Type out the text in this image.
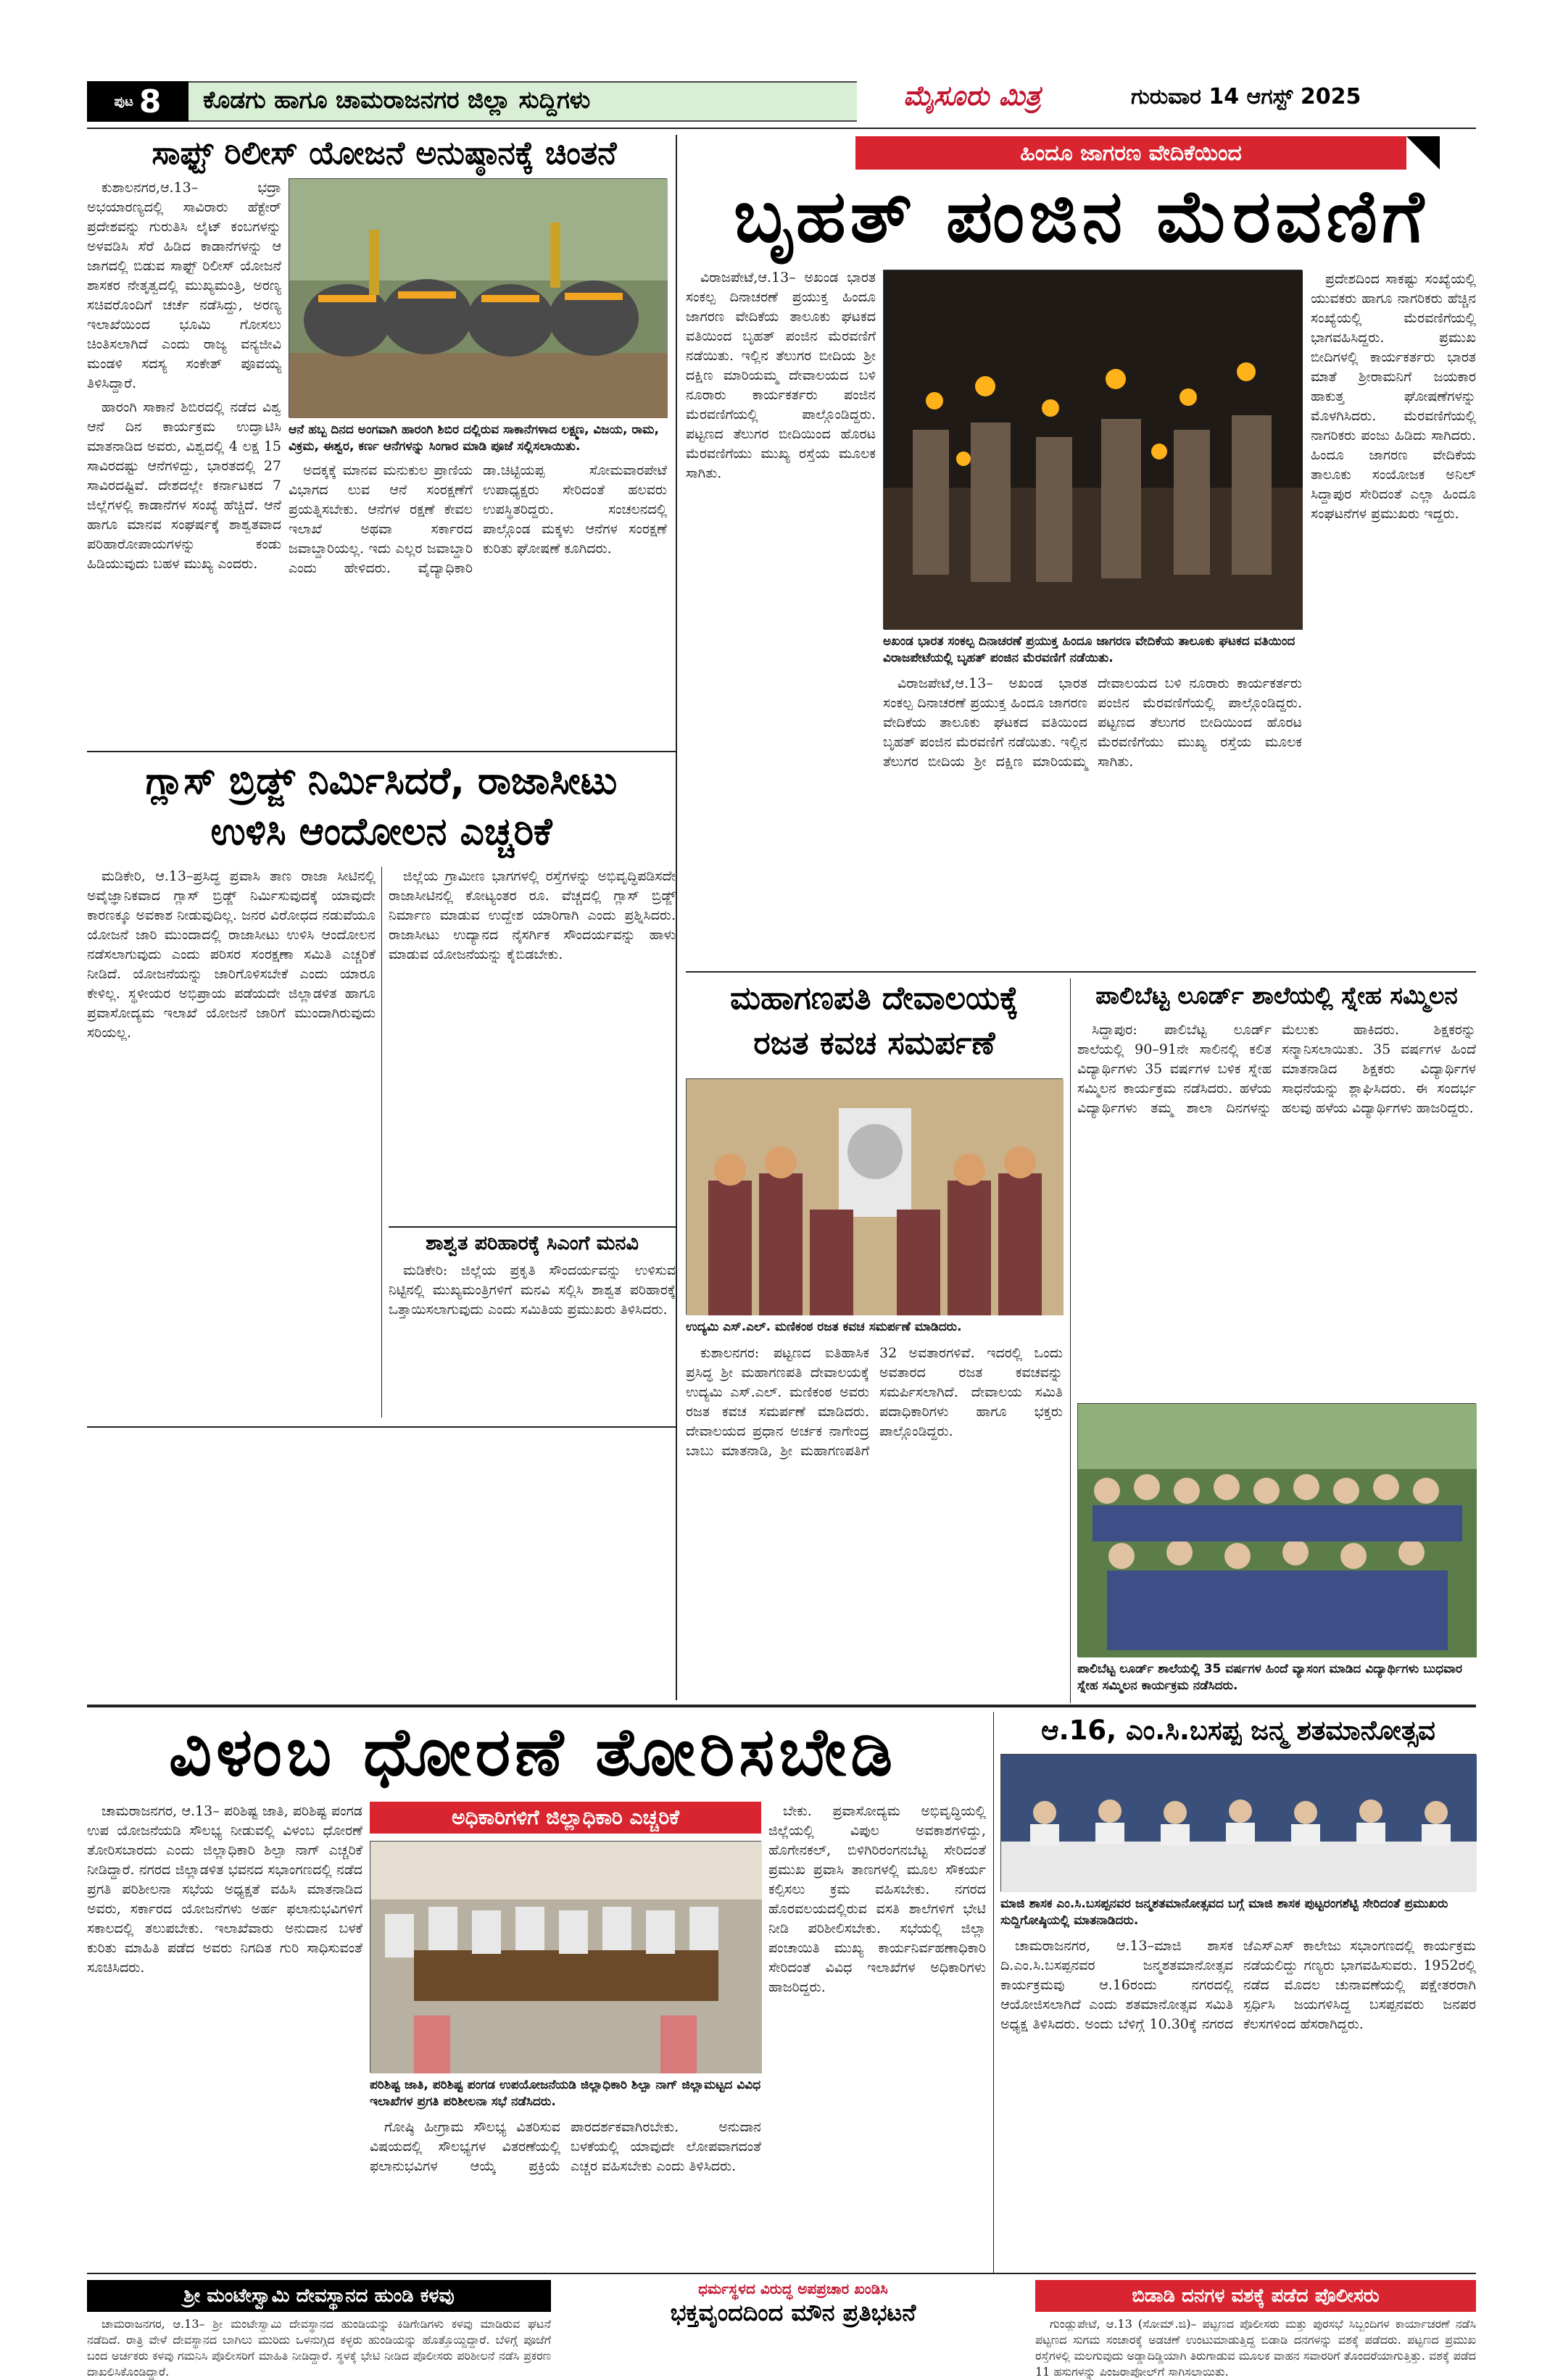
ಪುಟ 8 ಕೊಡಗು ಹಾಗೂ ಚಾಮರಾಜನಗರ ಜಿಲ್ಲಾ ಸುದ್ದಿಗಳು	ಮೈಸೂರು ಮಿತ್ರ	ಗುರುವಾರ 14 ಆಗಸ್ಟ್ 2025
ಸಾಫ್ಟ್ ರಿಲೀಸ್ ಯೋಜನೆ ಅನುಷ್ಠಾನಕ್ಕೆ ಚಿಂತನೆ

ಕುಶಾಲನಗರ,ಆ.13– ಭದ್ರಾ ಅಭಯಾರಣ್ಯದಲ್ಲಿ ಸಾವಿರಾರು ಹೆಕ್ಟೇರ್ ಪ್ರದೇಶವನ್ನು ಗುರುತಿಸಿ ಲೈಟ್ ಕಂಬಗಳನ್ನು ಅಳವಡಿಸಿ ಸೆರೆ ಹಿಡಿದ ಕಾಡಾನೆಗಳನ್ನು ಆ ಜಾಗದಲ್ಲಿ ಬಿಡುವ ಸಾಫ್ಟ್ ರಿಲೀಸ್ ಯೋಜನೆ ಶಾಸಕರ ನೇತೃತ್ವದಲ್ಲಿ ಮುಖ್ಯಮಂತ್ರಿ, ಅರಣ್ಯ ಸಚಿವರೊಂದಿಗೆ ಚರ್ಚೆ ನಡೆಸಿದ್ದು, ಅರಣ್ಯ ಇಲಾಖೆಯಿಂದ ಭೂಮಿ ಗೋಸಲು ಚಿಂತಿಸಲಾಗಿದೆ ಎಂದು ರಾಜ್ಯ ವನ್ಯಜೀವಿ ಮಂಡಳಿ ಸದಸ್ಯ ಸಂಕೇತ್ ಪೂವಯ್ಯ ತಿಳಿಸಿದ್ದಾರೆ.

ಹಾರಂಗಿ ಸಾಕಾನೆ ಶಿಬಿರದಲ್ಲಿ ನಡೆದ ವಿಶ್ವ ಆನೆ ದಿನ ಕಾರ್ಯಕ್ರಮ ಉದ್ಘಾಟಿಸಿ ಮಾತನಾಡಿದ ಅವರು, ವಿಶ್ವದಲ್ಲಿ 4 ಲಕ್ಷ 15 ಸಾವಿರದಷ್ಟು ಆನೆಗಳಿದ್ದು, ಭಾರತದಲ್ಲಿ 27 ಸಾವಿರದಷ್ಟಿವೆ. ದೇಶದಲ್ಲೇ ಕರ್ನಾಟಕದ 7 ಜಿಲ್ಲೆಗಳಲ್ಲಿ ಕಾಡಾನೆಗಳ ಸಂಖ್ಯೆ ಹೆಚ್ಚಿದೆ. ಆನೆ ಹಾಗೂ ಮಾನವ ಸಂಘರ್ಷಕ್ಕೆ ಶಾಶ್ವತವಾದ ಪರಿಹಾರೋಪಾಯಗಳನ್ನು ಕಂಡು ಹಿಡಿಯುವುದು ಬಹಳ ಮುಖ್ಯ ಎಂದರು.

ಆನೆ ಹಬ್ಬ ದಿನದ ಅಂಗವಾಗಿ ಹಾರಂಗಿ ಶಿಬಿರ ದಲ್ಲಿರುವ ಸಾಕಾನೆಗಳಾದ ಲಕ್ಷ್ಮಣ, ವಿಜಯ, ರಾಮ, ವಿಕ್ರಮ, ಈಶ್ವರ, ಕರ್ಣ ಆನೆಗಳನ್ನು ಸಿಂಗಾರ ಮಾಡಿ ಪೂಜೆ ಸಲ್ಲಿಸಲಾಯಿತು.

ಅದಕ್ಕಕ್ಕೆ ಮಾನವ ಮನುಕುಲ ಪ್ರಾಣಿಯ ವಿಭಾಗದ ಲುವ ಆನೆ ಸಂರಕ್ಷಣೆಗೆ ಪ್ರಯತ್ನಿಸಬೇಕು. ಆನೆಗಳ ರಕ್ಷಣೆ ಕೇವಲ ಇಲಾಖೆ ಅಥವಾ ಸರ್ಕಾರದ ಜವಾಬ್ದಾರಿಯಲ್ಲ. ಇದು ಎಲ್ಲರ ಜವಾಬ್ದಾರಿ ಎಂದು ಹೇಳಿದರು. ವೈದ್ಯಾಧಿಕಾರಿ ಡಾ.ಚಿಟ್ಟಿಯಪ್ಪ ಸೋಮವಾರಪೇಟೆ ಉಪಾಧ್ಯಕ್ಷರು ಸೇರಿದಂತೆ ಹಲವರು ಉಪಸ್ಥಿತರಿದ್ದರು. ಸಂಚಲನದಲ್ಲಿ ಪಾಲ್ಗೊಂಡ ಮಕ್ಕಳು ಆನೆಗಳ ಸಂರಕ್ಷಣೆ ಕುರಿತು ಘೋಷಣೆ ಕೂಗಿದರು.

ಹಿಂದೂ ಜಾಗರಣ ವೇದಿಕೆಯಿಂದ
ಬೃಹತ್ ಪಂಜಿನ ಮೆರವಣಿಗೆ

ವಿರಾಜಪೇಟೆ,ಆ.13– ಅಖಂಡ ಭಾರತ ಸಂಕಲ್ಪ ದಿನಾಚರಣೆ ಪ್ರಯುಕ್ತ ಹಿಂದೂ ಜಾಗರಣ ವೇದಿಕೆಯ ತಾಲೂಕು ಘಟಕದ ವತಿಯಿಂದ ಬೃಹತ್ ಪಂಜಿನ ಮೆರವಣಿಗೆ ನಡೆಯಿತು. ಇಲ್ಲಿನ ತೆಲುಗರ ಬೀದಿಯ ಶ್ರೀ ದಕ್ಷಿಣ ಮಾರಿಯಮ್ಮ ದೇವಾಲಯದ ಬಳಿ ನೂರಾರು ಕಾರ್ಯಕರ್ತರು ಪಂಜಿನ ಮೆರವಣಿಗೆಯಲ್ಲಿ ಪಾಲ್ಗೊಂಡಿದ್ದರು. ಪಟ್ಟಣದ ತೆಲುಗರ ಬೀದಿಯಿಂದ ಹೊರಟ ಮೆರವಣಿಗೆಯು ಮುಖ್ಯ ರಸ್ತೆಯ ಮೂಲಕ ಸಾಗಿತು.

ಅಖಂಡ ಭಾರತ ಸಂಕಲ್ಪ ದಿನಾಚರಣೆ ಪ್ರಯುಕ್ತ ಹಿಂದೂ ಜಾಗರಣ ವೇದಿಕೆಯ ತಾಲೂಕು ಘಟಕದ ವತಿಯಿಂದ ವಿರಾಜಪೇಟೆಯಲ್ಲಿ ಬೃಹತ್ ಪಂಜಿನ ಮೆರವಣಿಗೆ ನಡೆಯಿತು.

ವಿರಾಜಪೇಟೆ,ಆ.13– ಅಖಂಡ ಭಾರತ ಸಂಕಲ್ಪ ದಿನಾಚರಣೆ ಪ್ರಯುಕ್ತ ಹಿಂದೂ ಜಾಗರಣ ವೇದಿಕೆಯ ತಾಲೂಕು ಘಟಕದ ವತಿಯಿಂದ ಬೃಹತ್ ಪಂಜಿನ ಮೆರವಣಿಗೆ ನಡೆಯಿತು. ಇಲ್ಲಿನ ತೆಲುಗರ ಬೀದಿಯ ಶ್ರೀ ದಕ್ಷಿಣ ಮಾರಿಯಮ್ಮ ದೇವಾಲಯದ ಬಳಿ ನೂರಾರು ಕಾರ್ಯಕರ್ತರು ಪಂಜಿನ ಮೆರವಣಿಗೆಯಲ್ಲಿ ಪಾಲ್ಗೊಂಡಿದ್ದರು. ಪಟ್ಟಣದ ತೆಲುಗರ ಬೀದಿಯಿಂದ ಹೊರಟ ಮೆರವಣಿಗೆಯು ಮುಖ್ಯ ರಸ್ತೆಯ ಮೂಲಕ ಸಾಗಿತು.

ಪ್ರದೇಶದಿಂದ ಸಾಕಷ್ಟು ಸಂಖ್ಯೆಯಲ್ಲಿ ಯುವಕರು ಹಾಗೂ ನಾಗರಿಕರು ಹೆಚ್ಚಿನ ಸಂಖ್ಯೆಯಲ್ಲಿ ಮೆರವಣಿಗೆಯಲ್ಲಿ ಭಾಗವಹಿಸಿದ್ದರು. ಪ್ರಮುಖ ಬೀದಿಗಳಲ್ಲಿ ಕಾರ್ಯಕರ್ತರು ಭಾರತ ಮಾತೆ ಶ್ರೀರಾಮನಿಗೆ ಜಯಕಾರ ಹಾಕುತ್ತ ಘೋಷಣೆಗಳನ್ನು ಮೊಳಗಿಸಿದರು. ಮೆರವಣಿಗೆಯಲ್ಲಿ ನಾಗರಿಕರು ಪಂಜು ಹಿಡಿದು ಸಾಗಿದರು. ಹಿಂದೂ ಜಾಗರಣ ವೇದಿಕೆಯ ತಾಲೂಕು ಸಂಯೋಜಕ ಅನಿಲ್ ಸಿದ್ದಾಪುರ ಸೇರಿದಂತೆ ಎಲ್ಲಾ ಹಿಂದೂ ಸಂಘಟನೆಗಳ ಪ್ರಮುಖರು ಇದ್ದರು.

ಗ್ಲಾಸ್ ಬ್ರಿಡ್ಜ್ ನಿರ್ಮಿಸಿದರೆ, ರಾಜಾಸೀಟು
ಉಳಿಸಿ ಆಂದೋಲನ ಎಚ್ಚರಿಕೆ

ಮಡಿಕೇರಿ, ಆ.13–ಪ್ರಸಿದ್ಧ ಪ್ರವಾಸಿ ತಾಣ ರಾಜಾ ಸೀಟಿನಲ್ಲಿ ಅವೈಜ್ಞಾನಿಕವಾದ ಗ್ಲಾಸ್ ಬ್ರಿಡ್ಜ್ ನಿರ್ಮಿಸುವುದಕ್ಕೆ ಯಾವುದೇ ಕಾರಣಕ್ಕೂ ಅವಕಾಶ ನೀಡುವುದಿಲ್ಲ. ಜನರ ವಿರೋಧದ ನಡುವೆಯೂ ಯೋಜನೆ ಜಾರಿ ಮುಂದಾದಲ್ಲಿ ರಾಜಾಸೀಟು ಉಳಿಸಿ ಆಂದೋಲನ ನಡೆಸಲಾಗುವುದು ಎಂದು ಪರಿಸರ ಸಂರಕ್ಷಣಾ ಸಮಿತಿ ಎಚ್ಚರಿಕೆ ನೀಡಿದೆ. ಯೋಜನೆಯನ್ನು ಜಾರಿಗೊಳಿಸಬೇಕೆ ಎಂದು ಯಾರೂ ಕೇಳಿಲ್ಲ. ಸ್ಥಳೀಯರ ಅಭಿಪ್ರಾಯ ಪಡೆಯದೇ ಜಿಲ್ಲಾಡಳಿತ ಹಾಗೂ ಪ್ರವಾಸೋದ್ಯಮ ಇಲಾಖೆ ಯೋಜನೆ ಜಾರಿಗೆ ಮುಂದಾಗಿರುವುದು ಸರಿಯಲ್ಲ.

ಜಿಲ್ಲೆಯ ಗ್ರಾಮೀಣ ಭಾಗಗಳಲ್ಲಿ ರಸ್ತೆಗಳನ್ನು ಅಭಿವೃದ್ಧಿಪಡಿಸದೇ ರಾಜಾಸೀಟಿನಲ್ಲಿ ಕೋಟ್ಯಂತರ ರೂ. ವೆಚ್ಚದಲ್ಲಿ ಗ್ಲಾಸ್ ಬ್ರಿಡ್ಜ್ ನಿರ್ಮಾಣ ಮಾಡುವ ಉದ್ದೇಶ ಯಾರಿಗಾಗಿ ಎಂದು ಪ್ರಶ್ನಿಸಿದರು. ರಾಜಾಸೀಟು ಉದ್ಯಾನದ ನೈಸರ್ಗಿಕ ಸೌಂದರ್ಯವನ್ನು ಹಾಳು ಮಾಡುವ ಯೋಜನೆಯನ್ನು ಕೈಬಿಡಬೇಕು.

ಶಾಶ್ವತ ಪರಿಹಾರಕ್ಕೆ ಸಿಎಂಗೆ ಮನವಿ

ಮಡಿಕೇರಿ: ಜಿಲ್ಲೆಯ ಪ್ರಕೃತಿ ಸೌಂದರ್ಯವನ್ನು ಉಳಿಸುವ ನಿಟ್ಟಿನಲ್ಲಿ ಮುಖ್ಯಮಂತ್ರಿಗಳಿಗೆ ಮನವಿ ಸಲ್ಲಿಸಿ ಶಾಶ್ವತ ಪರಿಹಾರಕ್ಕೆ ಒತ್ತಾಯಿಸಲಾಗುವುದು ಎಂದು ಸಮಿತಿಯ ಪ್ರಮುಖರು ತಿಳಿಸಿದರು.

ಮಹಾಗಣಪತಿ ದೇವಾಲಯಕ್ಕೆ
ರಜತ ಕವಚ ಸಮರ್ಪಣೆ
ಉದ್ಯಮಿ ಎಸ್.ಎಲ್. ಮಣಿಕಂಠ ರಜತ ಕವಚ ಸಮರ್ಪಣೆ ಮಾಡಿದರು.

ಕುಶಾಲನಗರ: ಪಟ್ಟಣದ ಐತಿಹಾಸಿಕ ಪ್ರಸಿದ್ಧ ಶ್ರೀ ಮಹಾಗಣಪತಿ ದೇವಾಲಯಕ್ಕೆ ಉದ್ಯಮಿ ಎಸ್.ಎಲ್. ಮಣಿಕಂಠ ಅವರು ರಜತ ಕವಚ ಸಮರ್ಪಣೆ ಮಾಡಿದರು. ದೇವಾಲಯದ ಪ್ರಧಾನ ಅರ್ಚಕ ನಾಗೇಂದ್ರ ಬಾಬು ಮಾತನಾಡಿ, ಶ್ರೀ ಮಹಾಗಣಪತಿಗೆ 32 ಅವತಾರಗಳಿವೆ. ಇದರಲ್ಲಿ ಒಂದು ಅವತಾರದ ರಜತ ಕವಚವನ್ನು ಸಮರ್ಪಿಸಲಾಗಿದೆ. ದೇವಾಲಯ ಸಮಿತಿ ಪದಾಧಿಕಾರಿಗಳು ಹಾಗೂ ಭಕ್ತರು ಪಾಲ್ಗೊಂಡಿದ್ದರು.

ಪಾಲಿಬೆಟ್ಟ ಲೂರ್ಡ್ ಶಾಲೆಯಲ್ಲಿ ಸ್ನೇಹ ಸಮ್ಮಿಲನ

ಸಿದ್ದಾಪುರ: ಪಾಲಿಬೆಟ್ಟ ಲೂರ್ಡ್ ಶಾಲೆಯಲ್ಲಿ 90–91ನೇ ಸಾಲಿನಲ್ಲಿ ಕಲಿತ ವಿದ್ಯಾರ್ಥಿಗಳು 35 ವರ್ಷಗಳ ಬಳಿಕ ಸ್ನೇಹ ಸಮ್ಮಿಲನ ಕಾರ್ಯಕ್ರಮ ನಡೆಸಿದರು. ಹಳೆಯ ವಿದ್ಯಾರ್ಥಿಗಳು ತಮ್ಮ ಶಾಲಾ ದಿನಗಳನ್ನು ಮೆಲುಕು ಹಾಕಿದರು. ಶಿಕ್ಷಕರನ್ನು ಸನ್ಮಾನಿಸಲಾಯಿತು. 35 ವರ್ಷಗಳ ಹಿಂದೆ ಮಾತನಾಡಿದ ಶಿಕ್ಷಕರು ವಿದ್ಯಾರ್ಥಿಗಳ ಸಾಧನೆಯನ್ನು ಶ್ಲಾಘಿಸಿದರು. ಈ ಸಂದರ್ಭ ಹಲವು ಹಳೆಯ ವಿದ್ಯಾರ್ಥಿಗಳು ಹಾಜರಿದ್ದರು.

ಪಾಲಿಬೆಟ್ಟ ಲೂರ್ಡ್ ಶಾಲೆಯಲ್ಲಿ 35 ವರ್ಷಗಳ ಹಿಂದೆ ವ್ಯಾಸಂಗ ಮಾಡಿದ ವಿದ್ಯಾರ್ಥಿಗಳು ಬುಧವಾರ ಸ್ನೇಹ ಸಮ್ಮಿಲನ ಕಾರ್ಯಕ್ರಮ ನಡೆಸಿದರು.
ವಿಳಂಬ ಧೋರಣೆ ತೋರಿಸಬೇಡಿ
ಅಧಿಕಾರಿಗಳಿಗೆ ಜಿಲ್ಲಾಧಿಕಾರಿ ಎಚ್ಚರಿಕೆ

ಚಾಮರಾಜನಗರ, ಆ.13– ಪರಿಶಿಷ್ಟ ಜಾತಿ, ಪರಿಶಿಷ್ಟ ಪಂಗಡ ಉಪ ಯೋಜನೆಯಡಿ ಸೌಲಭ್ಯ ನೀಡುವಲ್ಲಿ ವಿಳಂಬ ಧೋರಣೆ ತೋರಿಸಬಾರದು ಎಂದು ಜಿಲ್ಲಾಧಿಕಾರಿ ಶಿಲ್ಪಾ ನಾಗ್ ಎಚ್ಚರಿಕೆ ನೀಡಿದ್ದಾರೆ. ನಗರದ ಜಿಲ್ಲಾಡಳಿತ ಭವನದ ಸಭಾಂಗಣದಲ್ಲಿ ನಡೆದ ಪ್ರಗತಿ ಪರಿಶೀಲನಾ ಸಭೆಯ ಅಧ್ಯಕ್ಷತೆ ವಹಿಸಿ ಮಾತನಾಡಿದ ಅವರು, ಸರ್ಕಾರದ ಯೋಜನೆಗಳು ಅರ್ಹ ಫಲಾನುಭವಿಗಳಿಗೆ ಸಕಾಲದಲ್ಲಿ ತಲುಪಬೇಕು. ಇಲಾಖೆವಾರು ಅನುದಾನ ಬಳಕೆ ಕುರಿತು ಮಾಹಿತಿ ಪಡೆದ ಅವರು ನಿಗದಿತ ಗುರಿ ಸಾಧಿಸುವಂತೆ ಸೂಚಿಸಿದರು.

ಪರಿಶಿಷ್ಟ ಜಾತಿ, ಪರಿಶಿಷ್ಟ ಪಂಗಡ ಉಪಯೋಜನೆಯಡಿ ಜಿಲ್ಲಾಧಿಕಾರಿ ಶಿಲ್ಪಾ ನಾಗ್ ಜಿಲ್ಲಾಮಟ್ಟದ ವಿವಿಧ ಇಲಾಖೆಗಳ ಪ್ರಗತಿ ಪರಿಶೀಲನಾ ಸಭೆ ನಡೆಸಿದರು.

ಗೋಷ್ಠಿ ಹೀಗ್ರಾಮ ಸೌಲಭ್ಯ ವಿತರಿಸುವ ವಿಷಯದಲ್ಲಿ ಸೌಲಭ್ಯಗಳ ವಿತರಣೆಯಲ್ಲಿ ಫಲಾನುಭವಿಗಳ ಆಯ್ಕೆ ಪ್ರಕ್ರಿಯೆ ಪಾರದರ್ಶಕವಾಗಿರಬೇಕು. ಅನುದಾನ ಬಳಕೆಯಲ್ಲಿ ಯಾವುದೇ ಲೋಪವಾಗದಂತೆ ಎಚ್ಚರ ವಹಿಸಬೇಕು ಎಂದು ತಿಳಿಸಿದರು.

ಬೇಕು. ಪ್ರವಾಸೋದ್ಯಮ ಅಭಿವೃದ್ಧಿಯಲ್ಲಿ ಜಿಲ್ಲೆಯಲ್ಲಿ ವಿಪುಲ ಅವಕಾಶಗಳಿದ್ದು, ಹೊಗೇನಕಲ್, ಬಿಳಿಗಿರಿರಂಗನಬೆಟ್ಟ ಸೇರಿದಂತೆ ಪ್ರಮುಖ ಪ್ರವಾಸಿ ತಾಣಗಳಲ್ಲಿ ಮೂಲ ಸೌಕರ್ಯ ಕಲ್ಪಿಸಲು ಕ್ರಮ ವಹಿಸಬೇಕು. ನಗರದ ಹೊರವಲಯದಲ್ಲಿರುವ ವಸತಿ ಶಾಲೆಗಳಿಗೆ ಭೇಟಿ ನೀಡಿ ಪರಿಶೀಲಿಸಬೇಕು. ಸಭೆಯಲ್ಲಿ ಜಿಲ್ಲಾ ಪಂಚಾಯಿತಿ ಮುಖ್ಯ ಕಾರ್ಯನಿರ್ವಹಣಾಧಿಕಾರಿ ಸೇರಿದಂತೆ ವಿವಿಧ ಇಲಾಖೆಗಳ ಅಧಿಕಾರಿಗಳು ಹಾಜರಿದ್ದರು.

ಆ.16, ಎಂ.ಸಿ.ಬಸಪ್ಪ ಜನ್ಮ ಶತಮಾನೋತ್ಸವ
ಮಾಜಿ ಶಾಸಕ ಎಂ.ಸಿ.ಬಸಪ್ಪನವರ ಜನ್ಮಶತಮಾನೋತ್ಸವದ ಬಗ್ಗೆ ಮಾಜಿ ಶಾಸಕ ಪುಟ್ಟರಂಗಶೆಟ್ಟಿ ಸೇರಿದಂತೆ ಪ್ರಮುಖರು ಸುದ್ದಿಗೋಷ್ಠಿಯಲ್ಲಿ ಮಾತನಾಡಿದರು.

ಚಾಮರಾಜನಗರ, ಆ.13–ಮಾಜಿ ಶಾಸಕ ದಿ.ಎಂ.ಸಿ.ಬಸಪ್ಪನವರ ಜನ್ಮಶತಮಾನೋತ್ಸವ ಕಾರ್ಯಕ್ರಮವು ಆ.16ರಂದು ನಗರದಲ್ಲಿ ಆಯೋಜಿಸಲಾಗಿದೆ ಎಂದು ಶತಮಾನೋತ್ಸವ ಸಮಿತಿ ಅಧ್ಯಕ್ಷ ತಿಳಿಸಿದರು. ಅಂದು ಬೆಳಿಗ್ಗೆ 10.30ಕ್ಕೆ ನಗರದ ಜೆಎಸ್‌ಎಸ್ ಕಾಲೇಜು ಸಭಾಂಗಣದಲ್ಲಿ ಕಾರ್ಯಕ್ರಮ ನಡೆಯಲಿದ್ದು ಗಣ್ಯರು ಭಾಗವಹಿಸುವರು. 1952ರಲ್ಲಿ ನಡೆದ ಮೊದಲ ಚುನಾವಣೆಯಲ್ಲಿ ಪಕ್ಷೇತರರಾಗಿ ಸ್ಪರ್ಧಿಸಿ ಜಯಗಳಿಸಿದ್ದ ಬಸಪ್ಪನವರು ಜನಪರ ಕೆಲಸಗಳಿಂದ ಹೆಸರಾಗಿದ್ದರು.

ಶ್ರೀ ಮಂಟೇಸ್ವಾಮಿ ದೇವಸ್ಥಾನದ ಹುಂಡಿ ಕಳವು

ಚಾಮರಾಜನಗರ, ಆ.13– ಶ್ರೀ ಮಂಟೇಸ್ವಾಮಿ ದೇವಸ್ಥಾನದ ಹುಂಡಿಯನ್ನು ಕಿಡಿಗೇಡಿಗಳು ಕಳವು ಮಾಡಿರುವ ಘಟನೆ ನಡೆದಿದೆ. ರಾತ್ರಿ ವೇಳೆ ದೇವಸ್ಥಾನದ ಬಾಗಿಲು ಮುರಿದು ಒಳನುಗ್ಗಿದ ಕಳ್ಳರು ಹುಂಡಿಯನ್ನು ಹೊತ್ತೊಯ್ದಿದ್ದಾರೆ. ಬೆಳಿಗ್ಗೆ ಪೂಜೆಗೆ ಬಂದ ಅರ್ಚಕರು ಕಳವು ಗಮನಿಸಿ ಪೊಲೀಸರಿಗೆ ಮಾಹಿತಿ ನೀಡಿದ್ದಾರೆ. ಸ್ಥಳಕ್ಕೆ ಭೇಟಿ ನೀಡಿದ ಪೊಲೀಸರು ಪರಿಶೀಲನೆ ನಡೆಸಿ ಪ್ರಕರಣ ದಾಖಲಿಸಿಕೊಂಡಿದ್ದಾರೆ.

ಧರ್ಮಸ್ಥಳದ ವಿರುದ್ಧ ಅಪಪ್ರಚಾರ ಖಂಡಿಸಿ
ಭಕ್ತವೃಂದದಿಂದ ಮೌನ ಪ್ರತಿಭಟನೆ
ಬಿಡಾಡಿ ದನಗಳ ವಶಕ್ಕೆ ಪಡೆದ ಪೊಲೀಸರು

ಗುಂಡ್ಲುಪೇಟೆ, ಆ.13 (ಸೋಮ್.ಜಿ)– ಪಟ್ಟಣದ ಪೊಲೀಸರು ಮತ್ತು ಪುರಸಭೆ ಸಿಬ್ಬಂದಿಗಳ ಕಾರ್ಯಾಚರಣೆ ನಡೆಸಿ ಪಟ್ಟಣದ ಸುಗಮ ಸಂಚಾರಕ್ಕೆ ಅಡಚಣೆ ಉಂಟುಮಾಡುತ್ತಿದ್ದ ಬಿಡಾಡಿ ದನಗಳನ್ನು ವಶಕ್ಕೆ ಪಡೆದರು. ಪಟ್ಟಣದ ಪ್ರಮುಖ ರಸ್ತೆಗಳಲ್ಲಿ ಮಲಗುವುದು ಅಡ್ಡಾದಿಡ್ಡಿಯಾಗಿ ತಿರುಗಾಡುವ ಮೂಲಕ ವಾಹನ ಸವಾರರಿಗೆ ತೊಂದರೆಯಾಗುತ್ತಿತ್ತು. ವಶಕ್ಕೆ ಪಡೆದ 11 ಹಸುಗಳನ್ನು ಪಿಂಜರಾಪೋಲ್‌ಗೆ ಸಾಗಿಸಲಾಯಿತು.
